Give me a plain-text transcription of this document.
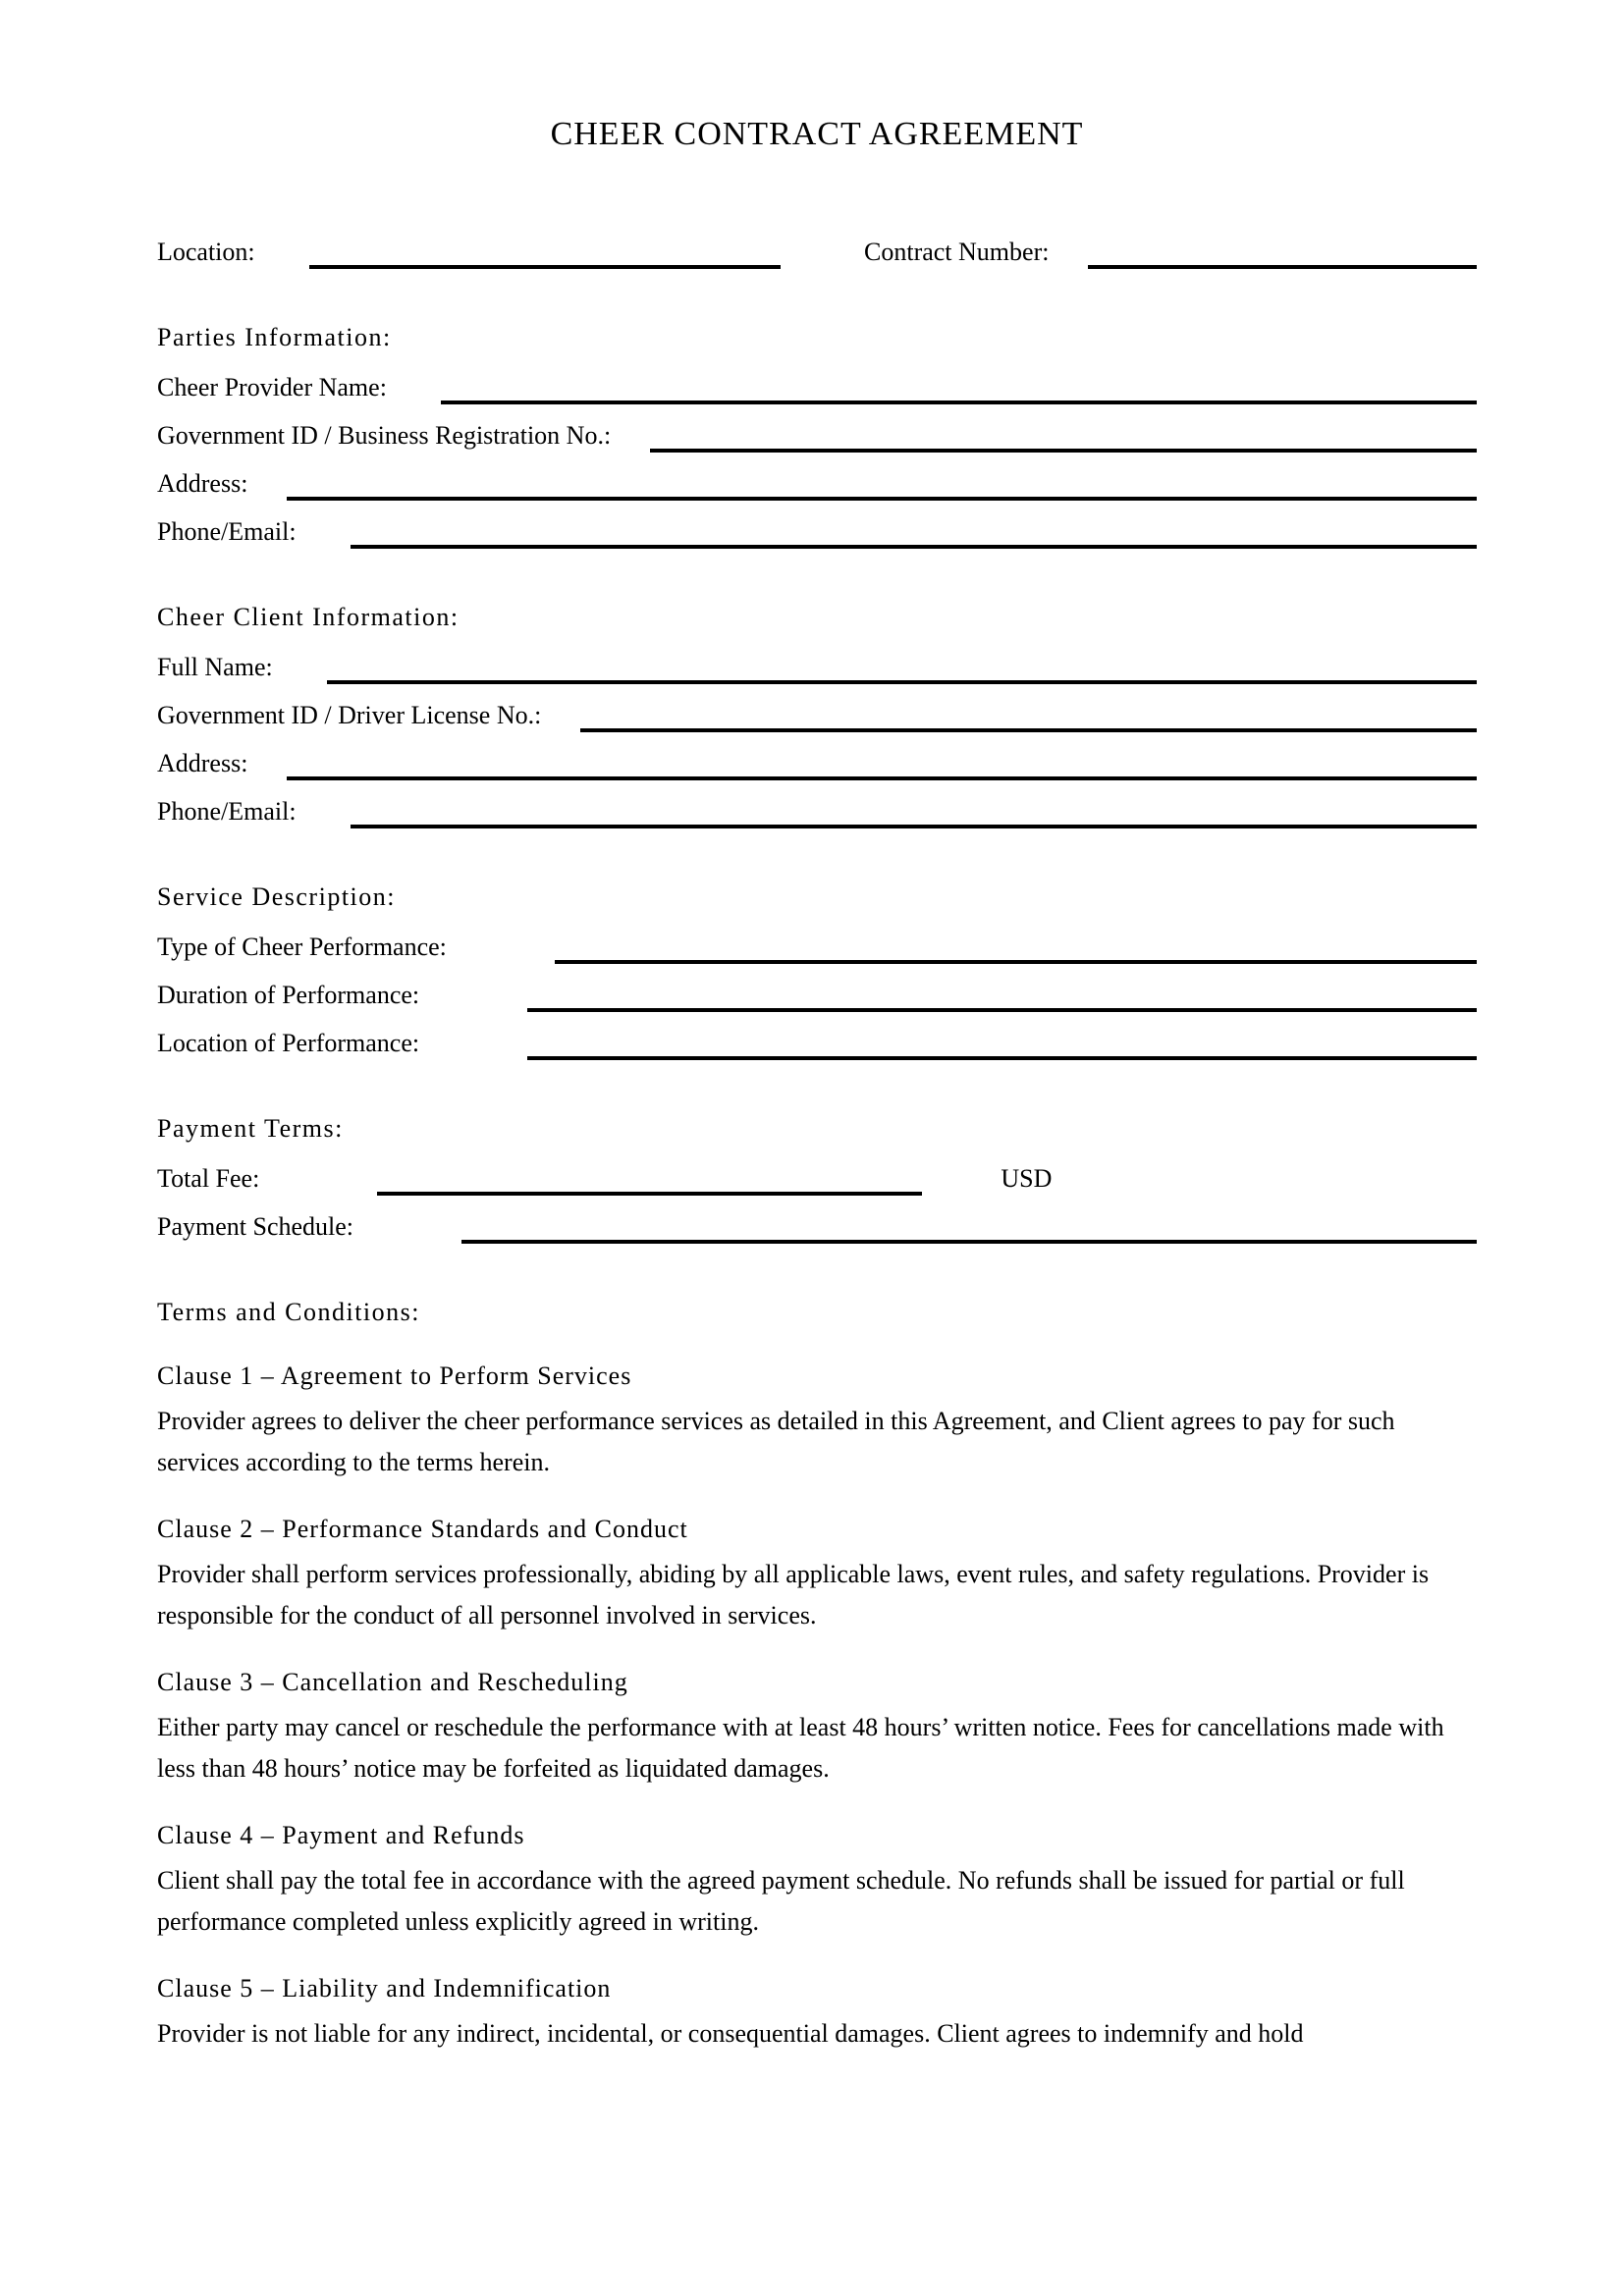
CHEER CONTRACT AGREEMENT
Location:	Contract Number:
Parties Information:
Cheer Provider Name:
Government ID / Business Registration No.:
Address:
Phone/Email:
Cheer Client Information:
Full Name:
Government ID / Driver License No.:
Address:
Phone/Email:
Service Description:
Type of Cheer Performance:
Duration of Performance:
Location of Performance:
Payment Terms:
Total Fee:	USD
Payment Schedule:
Terms and Conditions:
Clause 1 – Agreement to Perform Services

Provider agrees to deliver the cheer performance services as detailed in this Agreement, and Client agrees to pay for such services according to the terms herein.

Clause 2 – Performance Standards and Conduct

Provider shall perform services professionally, abiding by all applicable laws, event rules, and safety regulations. Provider is responsible for the conduct of all personnel involved in services.

Clause 3 – Cancellation and Rescheduling

Either party may cancel or reschedule the performance with at least 48 hours’ written notice. Fees for cancellations made with less than 48 hours’ notice may be forfeited as liquidated damages.

Clause 4 – Payment and Refunds

Client shall pay the total fee in accordance with the agreed payment schedule. No refunds shall be issued for partial or full performance completed unless explicitly agreed in writing.

Clause 5 – Liability and Indemnification

Provider is not liable for any indirect, incidental, or consequential damages. Client agrees to indemnify and hold
